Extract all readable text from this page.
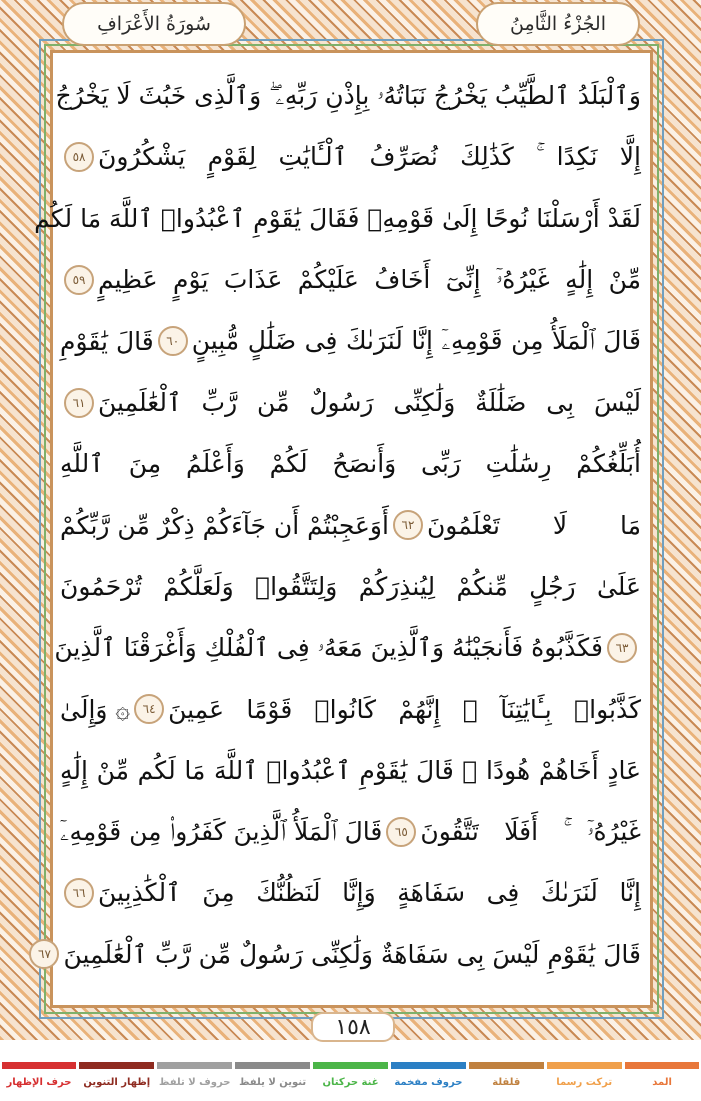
الجُزْءُ الثَّامِنُ
سُورَةُ الأَعْرَافِ
وَٱلْبَلَدُ ٱلطَّيِّبُ يَخْرُجُ نَبَاتُهُۥ بِإِذْنِ رَبِّهِۦ ۖ وَٱلَّذِى خَبُثَ لَا يَخْرُجُ
إِلَّا نَكِدًا ۚ كَذَٰلِكَ نُصَرِّفُ ٱلْـَٔايَٰتِ لِقَوْمٍ يَشْكُرُونَ
٥٨
لَقَدْ أَرْسَلْنَا نُوحًا إِلَىٰ قَوْمِهِۦ فَقَالَ يَٰقَوْمِ ٱعْبُدُوا۟ ٱللَّهَ مَا لَكُم
مِّنْ إِلَٰهٍ غَيْرُهُۥٓ إِنِّىٓ أَخَافُ عَلَيْكُمْ عَذَابَ يَوْمٍ عَظِيمٍ
٥٩
قَالَ ٱلْمَلَأُ مِن قَوْمِهِۦٓ إِنَّا لَنَرَىٰكَ فِى ضَلَٰلٍ مُّبِينٍ
٦٠
قَالَ يَٰقَوْمِ
لَيْسَ بِى ضَلَٰلَةٌ وَلَٰكِنِّى رَسُولٌ مِّن رَّبِّ ٱلْعَٰلَمِينَ
٦١
أُبَلِّغُكُمْ رِسَٰلَٰتِ رَبِّى وَأَنصَحُ لَكُمْ وَأَعْلَمُ مِنَ ٱللَّهِ
مَا لَا تَعْلَمُونَ
٦٢
أَوَعَجِبْتُمْ أَن جَآءَكُمْ ذِكْرٌ مِّن رَّبِّكُمْ
عَلَىٰ رَجُلٍ مِّنكُمْ لِيُنذِرَكُمْ وَلِتَتَّقُوا۟ وَلَعَلَّكُمْ تُرْحَمُونَ
٦٣
فَكَذَّبُوهُ فَأَنجَيْنَٰهُ وَٱلَّذِينَ مَعَهُۥ فِى ٱلْفُلْكِ وَأَغْرَقْنَا ٱلَّذِينَ
كَذَّبُوا۟ بِـَٔايَٰتِنَآ ۚ إِنَّهُمْ كَانُوا۟ قَوْمًا عَمِينَ
٦٤
۞ وَإِلَىٰ
عَادٍ أَخَاهُمْ هُودًا ۗ قَالَ يَٰقَوْمِ ٱعْبُدُوا۟ ٱللَّهَ مَا لَكُم مِّنْ إِلَٰهٍ
غَيْرُهُۥٓ ۚ أَفَلَا تَتَّقُونَ
٦٥
قَالَ ٱلْمَلَأُ ٱلَّذِينَ كَفَرُوا۟ مِن قَوْمِهِۦٓ
إِنَّا لَنَرَىٰكَ فِى سَفَاهَةٍ وَإِنَّا لَنَظُنُّكَ مِنَ ٱلْكَٰذِبِينَ
٦٦
قَالَ يَٰقَوْمِ لَيْسَ بِى سَفَاهَةٌ وَلَٰكِنِّى رَسُولٌ مِّن رَّبِّ ٱلْعَٰلَمِينَ
٦٧
١٥٨
المد
تركت رسما
قلقلة
حروف مفخمة
غنة حركتان
تنوين لا يلفظ
حروف لا تلفظ
إظهار التنوين
حرف الإظهار
